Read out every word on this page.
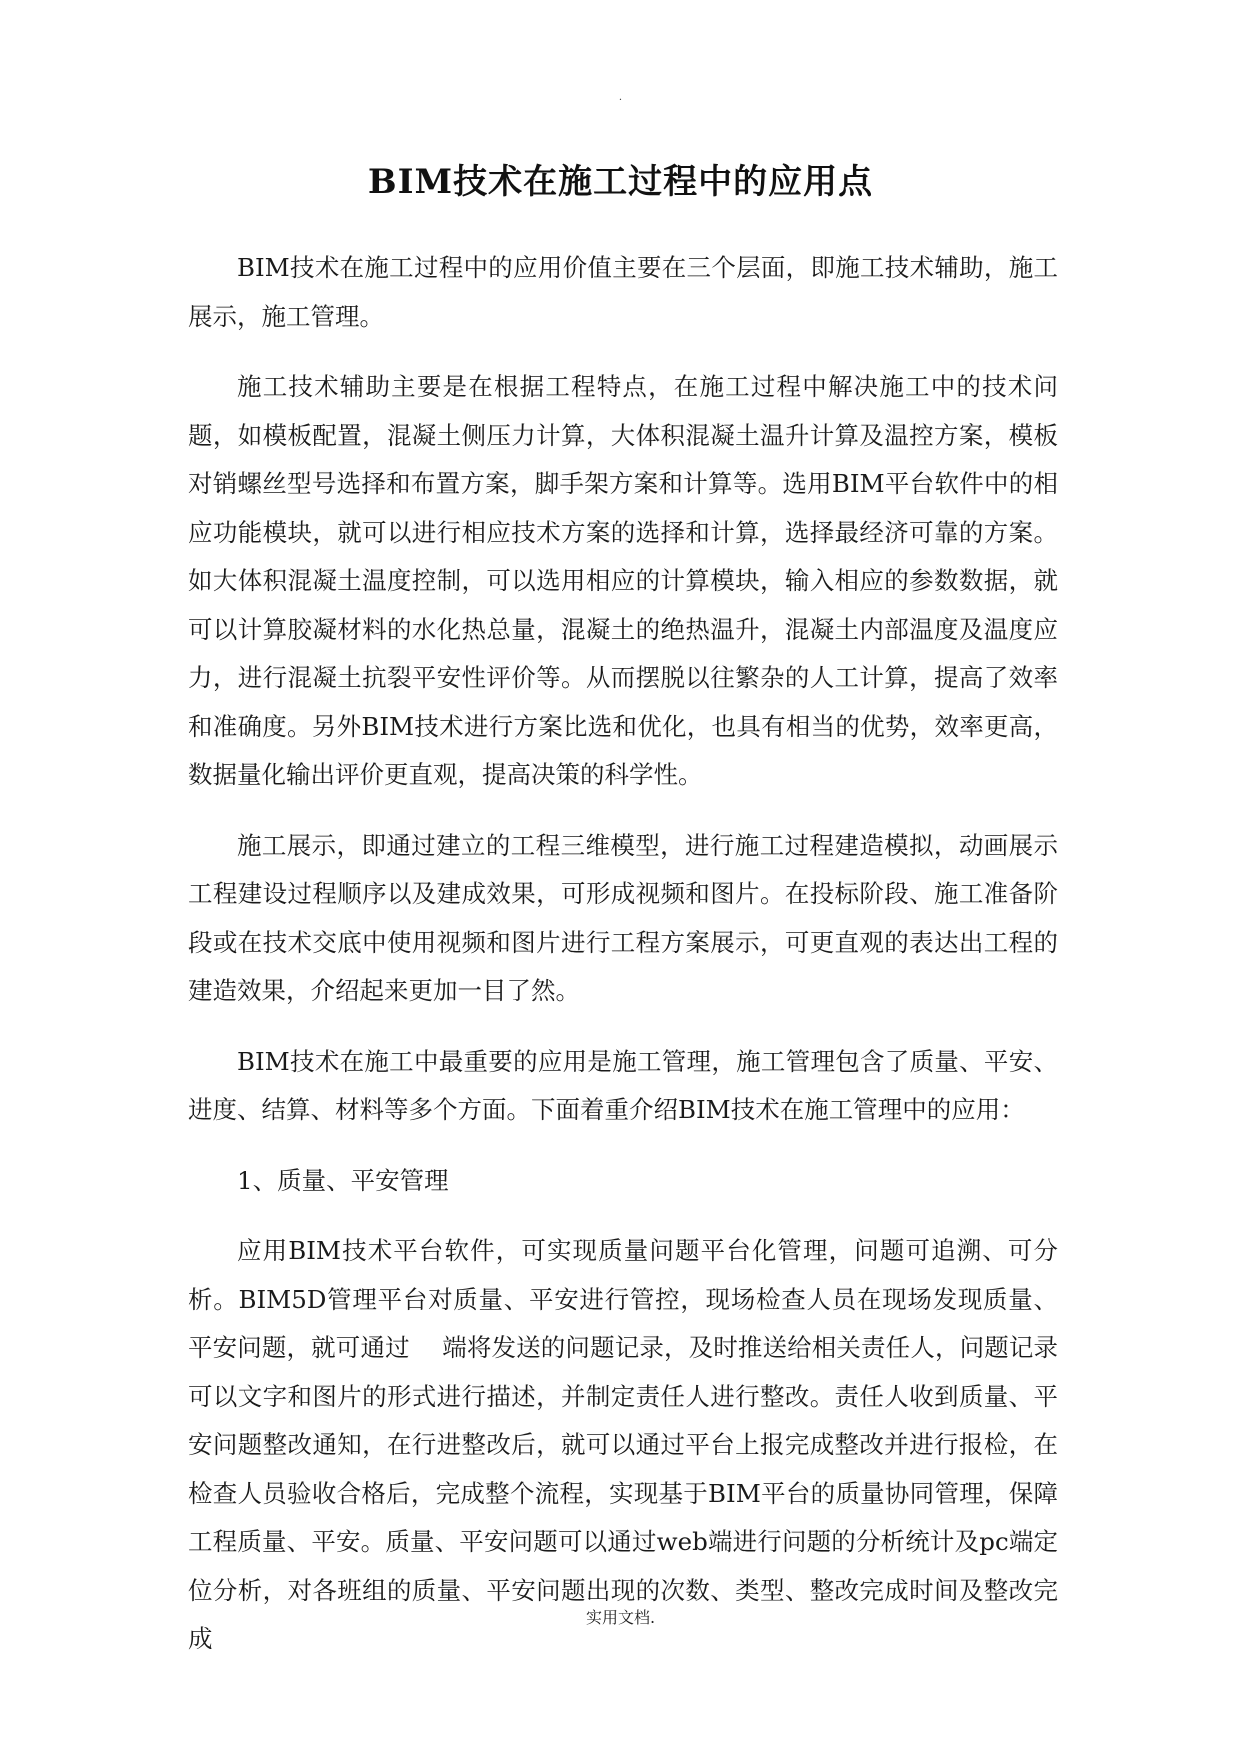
.
BIM技术在施工过程中的应用点

BIM技术在施工过程中的应用价值主要在三个层面，即施工技术辅助，施工展示，施工管理。

施工技术辅助主要是在根据工程特点，在施工过程中解决施工中的技术问题，如模板配置，混凝土侧压力计算，大体积混凝土温升计算及温控方案，模板对销螺丝型号选择和布置方案，脚手架方案和计算等。选用BIM平台软件中的相应功能模块，就可以进行相应技术方案的选择和计算，选择最经济可靠的方案。如大体积混凝土温度控制，可以选用相应的计算模块，输入相应的参数数据，就可以计算胶凝材料的水化热总量，混凝土的绝热温升，混凝土内部温度及温度应力，进行混凝土抗裂平安性评价等。从而摆脱以往繁杂的人工计算，提高了效率和准确度。另外BIM技术进行方案比选和优化，也具有相当的优势，效率更高，数据量化输出评价更直观，提高决策的科学性。

施工展示，即通过建立的工程三维模型，进行施工过程建造模拟，动画展示工程建设过程顺序以及建成效果，可形成视频和图片。在投标阶段、施工准备阶段或在技术交底中使用视频和图片进行工程方案展示，可更直观的表达出工程的建造效果，介绍起来更加一目了然。

BIM技术在施工中最重要的应用是施工管理，施工管理包含了质量、平安、进度、结算、材料等多个方面。下面着重介绍BIM技术在施工管理中的应用：

1、质量、平安管理

应用BIM技术平台软件，可实现质量问题平台化管理，问题可追溯、可分析。BIM5D管理平台对质量、平安进行管控，现场检查人员在现场发现质量、平安问题，就可通过　 端将发送的问题记录，及时推送给相关责任人，问题记录可以文字和图片的形式进行描述，并制定责任人进行整改。责任人收到质量、平安问题整改通知，在行进整改后，就可以通过平台上报完成整改并进行报检，在检查人员验收合格后，完成整个流程，实现基于BIM平台的质量协同管理，保障工程质量、平安。质量、平安问题可以通过web端进行问题的分析统计及pc端定位分析，对各班组的质量、平安问题出现的次数、类型、整改完成时间及整改完成

实用文档.
